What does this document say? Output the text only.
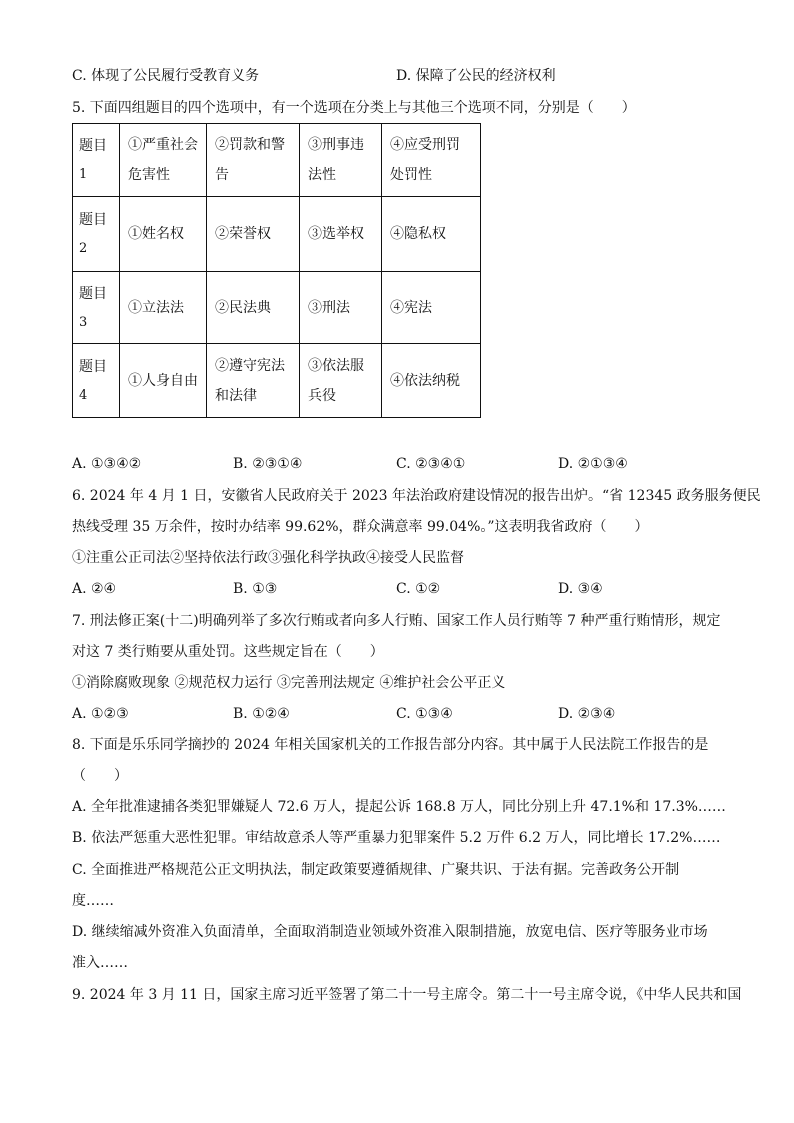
C. 体现了公民履行受教育义务	D. 保障了公民的经济权利
5. 下面四组题目的四个选项中，有一个选项在分类上与其他三个选项不同，分别是（　　）
题目
1	①严重社会危害性	②罚款和警告	③刑事违法性	④应受刑罚处罚性

题目
2	①姓名权	②荣誉权	③选举权	④隐私权

题目
3	①立法法	②民法典	③刑法	④宪法

题目
4	①人身自由	②遵守宪法和法律	③依法服兵役	④依法纳税
A. ①③④②	B. ②③①④	C. ②③④①	D. ②①③④
6. 2024 年 4 月 1 日，安徽省人民政府关于 2023 年法治政府建设情况的报告出炉。“省 12345 政务服务便民
热线受理 35 万余件，按时办结率 99.62%，群众满意率 99.04%。”这表明我省政府（　　）
①注重公正司法②坚持依法行政③强化科学执政④接受人民监督
A. ②④	B. ①③	C. ①②	D. ③④
7. 刑法修正案(十二)明确列举了多次行贿或者向多人行贿、国家工作人员行贿等 7 种严重行贿情形，规定
对这 7 类行贿要从重处罚。这些规定旨在（　　）
①消除腐败现象 ②规范权力运行 ③完善刑法规定 ④维护社会公平正义
A. ①②③	B. ①②④	C. ①③④	D. ②③④
8. 下面是乐乐同学摘抄的 2024 年相关国家机关的工作报告部分内容。其中属于人民法院工作报告的是
（　　）
A. 全年批准逮捕各类犯罪嫌疑人 72.6 万人，提起公诉 168.8 万人，同比分别上升 47.1%和 17.3%……
B. 依法严惩重大恶性犯罪。审结故意杀人等严重暴力犯罪案件 5.2 万件 6.2 万人，同比增长 17.2%……
C. 全面推进严格规范公正文明执法，制定政策要遵循规律、广聚共识、于法有据。完善政务公开制
度……
D. 继续缩减外资准入负面清单，全面取消制造业领域外资准入限制措施，放宽电信、医疗等服务业市场
准入……
9. 2024 年 3 月 11 日，国家主席习近平签署了第二十一号主席令。第二十一号主席令说，《中华人民共和国
